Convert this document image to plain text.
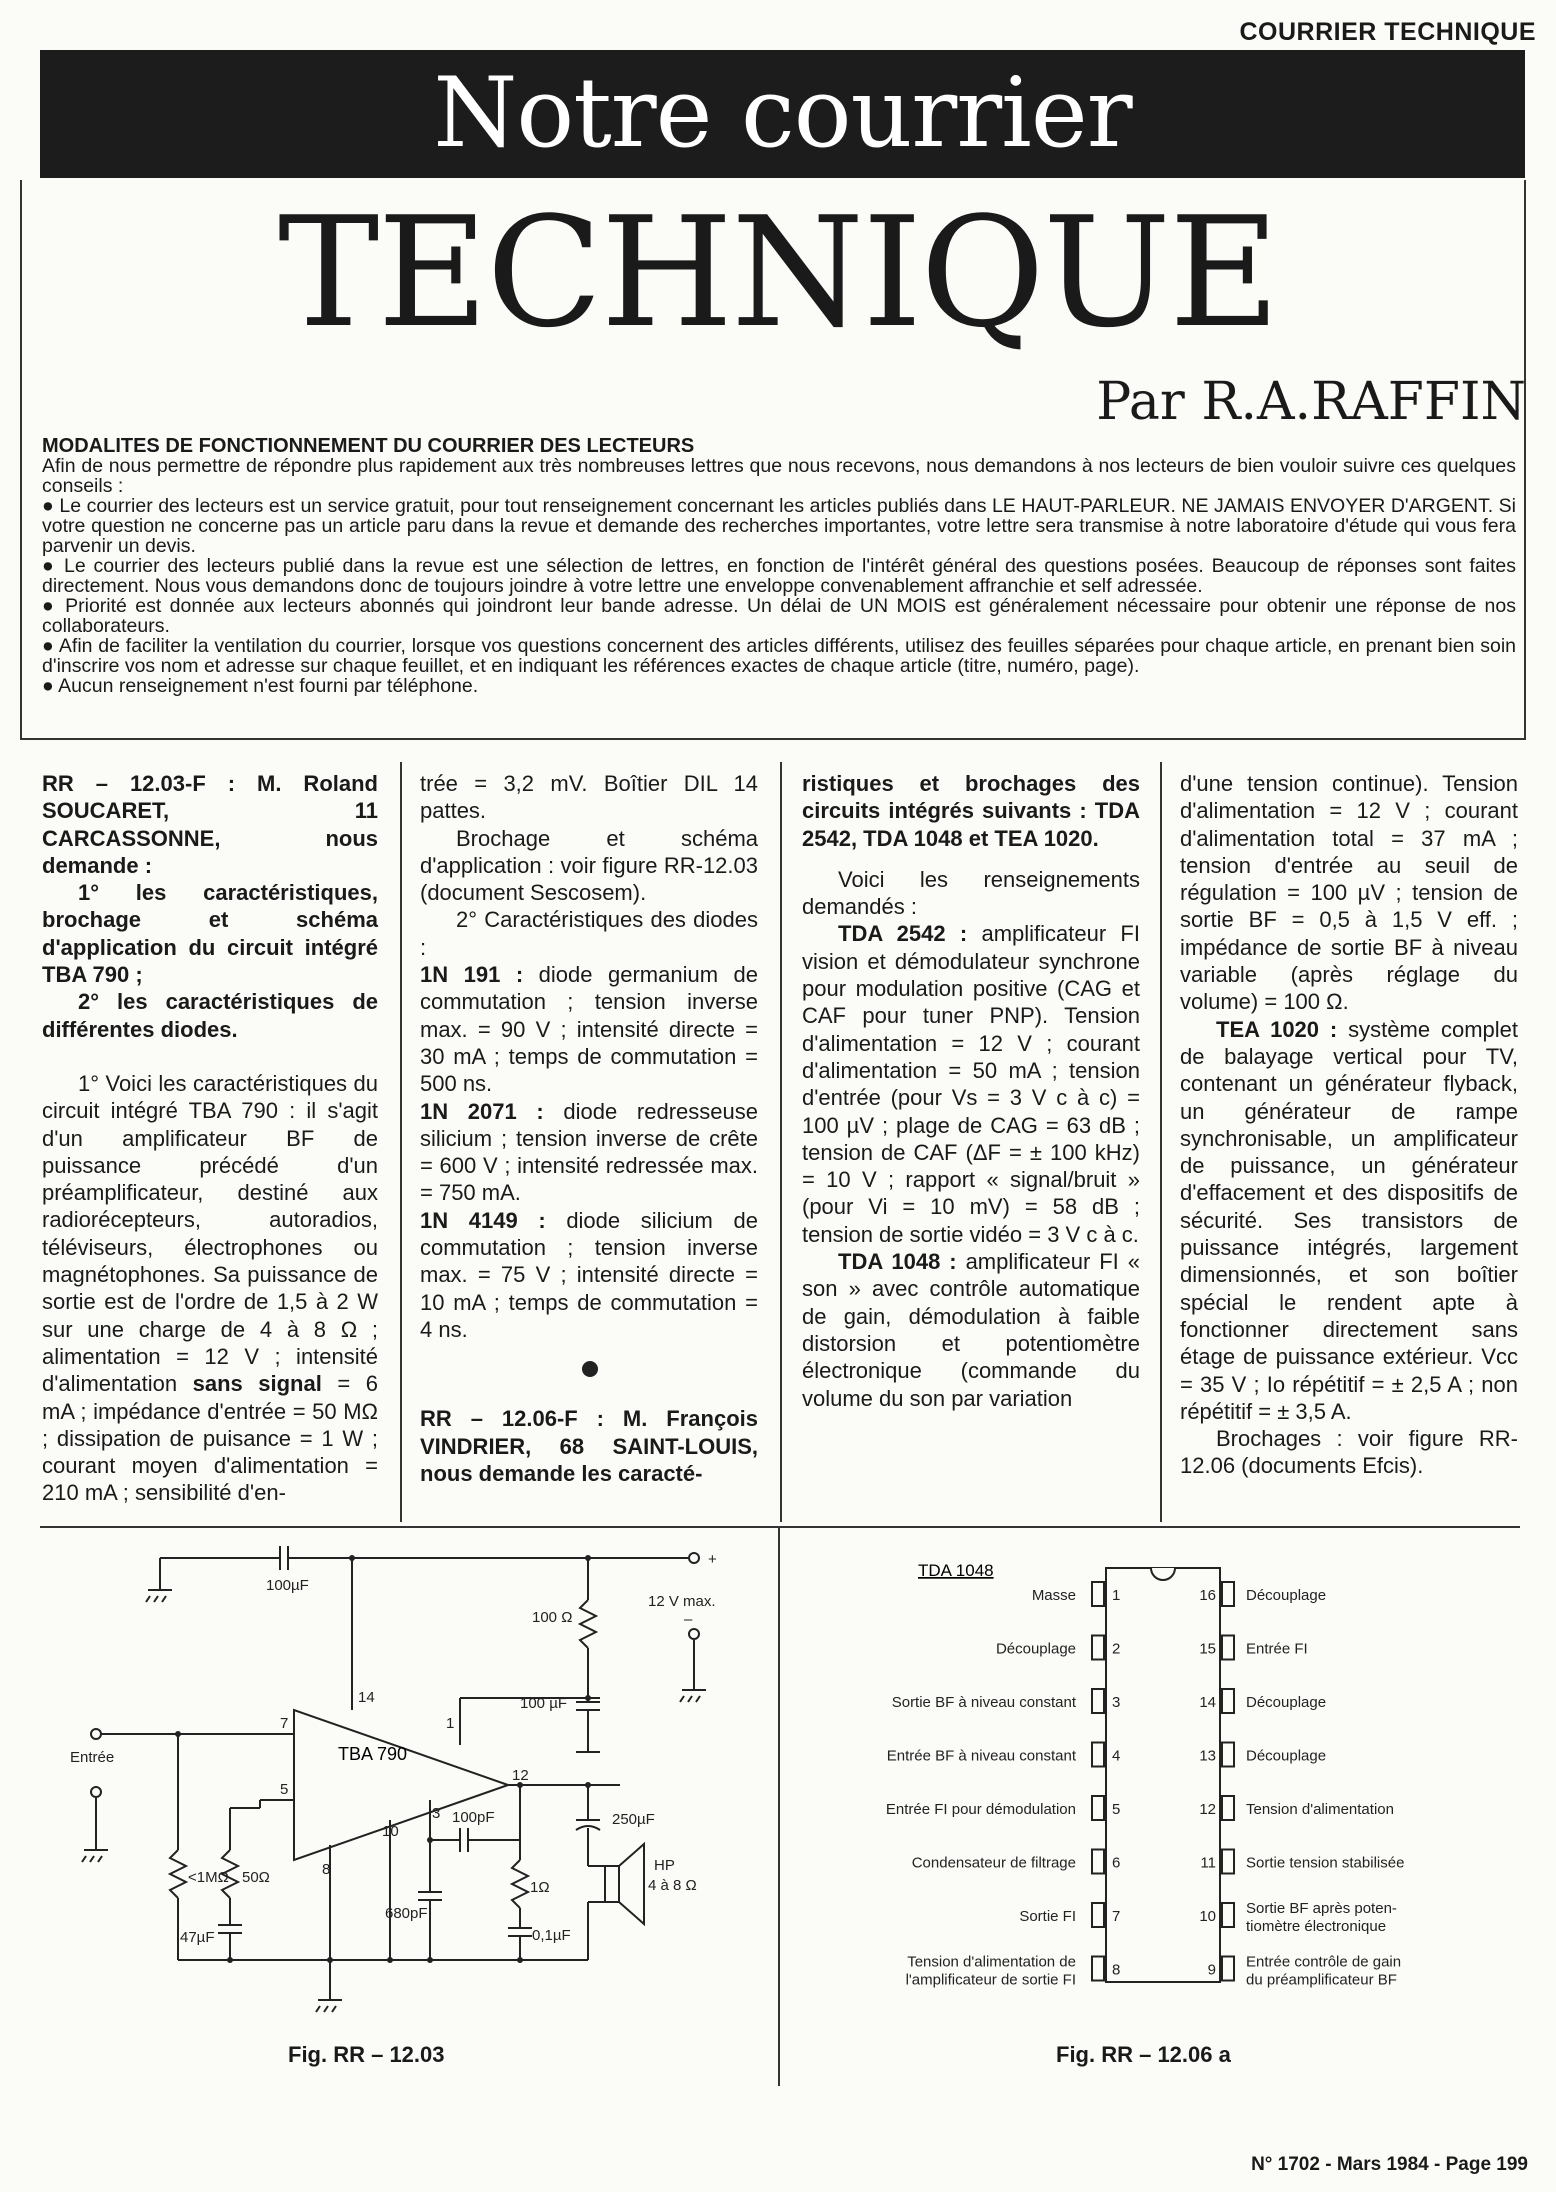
COURRIER TECHNIQUE
Notre courrier
TECHNIQUE
Par R.A.RAFFIN

MODALITES DE FONCTIONNEMENT DU COURRIER DES LECTEURS

Afin de nous permettre de répondre plus rapidement aux très nombreuses lettres que nous recevons, nous demandons à nos lecteurs de bien vouloir suivre ces quelques conseils :

● Le courrier des lecteurs est un service gratuit, pour tout renseignement concernant les articles publiés dans LE HAUT-PARLEUR. NE JAMAIS ENVOYER D'ARGENT. Si votre question ne concerne pas un article paru dans la revue et demande des recherches importantes, votre lettre sera transmise à notre laboratoire d'étude qui vous fera parvenir un devis.

● Le courrier des lecteurs publié dans la revue est une sélection de lettres, en fonction de l'intérêt général des questions posées. Beaucoup de réponses sont faites directement. Nous vous demandons donc de toujours joindre à votre lettre une enveloppe convenablement affranchie et self adressée.

● Priorité est donnée aux lecteurs abonnés qui joindront leur bande adresse. Un délai de UN MOIS est généralement nécessaire pour obtenir une réponse de nos collaborateurs.

● Afin de faciliter la ventilation du courrier, lorsque vos questions concernent des articles différents, utilisez des feuilles séparées pour chaque article, en prenant bien soin d'inscrire vos nom et adresse sur chaque feuillet, et en indiquant les références exactes de chaque article (titre, numéro, page).

● Aucun renseignement n'est fourni par téléphone.

RR – 12.03-F : M. Roland SOUCARET, 11 CARCASSONNE, nous demande :

1° les caractéristiques, brochage et schéma d'application du circuit intégré TBA 790 ;

2° les caractéristiques de différentes diodes.

1° Voici les caractéristiques du circuit intégré TBA 790 : il s'agit d'un amplificateur BF de puissance précédé d'un préamplificateur, destiné aux radiorécepteurs, autoradios, téléviseurs, électrophones ou magnétophones. Sa puissance de sortie est de l'ordre de 1,5 à 2 W sur une charge de 4 à 8 Ω ; alimentation = 12 V ; intensité d'alimentation sans signal = 6 mA ; impédance d'entrée = 50 MΩ ; dissipation de puisance = 1 W ; courant moyen d'alimentation = 210 mA ; sensibilité d'en-

trée = 3,2 mV. Boîtier DIL 14 pattes.

Brochage et schéma d'application : voir figure RR-12.03 (document Sescosem).

2° Caractéristiques des diodes :

1N 191 : diode germanium de commutation ; tension inverse max. = 90 V ; intensité directe = 30 mA ; temps de commutation = 500 ns.

1N 2071 : diode redresseuse silicium ; tension inverse de crête = 600 V ; intensité redressée max. = 750 mA.

1N 4149 : diode silicium de commutation ; tension inverse max. = 75 V ; intensité directe = 10 mA ; temps de commutation = 4 ns.

RR – 12.06-F : M. François VINDRIER, 68 SAINT-LOUIS, nous demande les caracté-

ristiques et brochages des circuits intégrés suivants : TDA 2542, TDA 1048 et TEA 1020.

Voici les renseignements demandés :

TDA 2542 : amplificateur FI vision et démodulateur synchrone pour modulation positive (CAG et CAF pour tuner PNP). Tension d'alimentation = 12 V ; courant d'alimentation = 50 mA ; tension d'entrée (pour Vs = 3 V c à c) = 100 µV ; plage de CAG = 63 dB ; tension de CAF (ΔF = ± 100 kHz) = 10 V ; rapport « signal/bruit » (pour Vi = 10 mV) = 58 dB ; tension de sortie vidéo = 3 V c à c.

TDA 1048 : amplificateur FI « son » avec contrôle automatique de gain, démodulation à faible distorsion et potentiomètre électronique (commande du volume du son par variation

d'une tension continue). Tension d'alimentation = 12 V ; courant d'alimentation total = 37 mA ; tension d'entrée au seuil de régulation = 100 µV ; tension de sortie BF = 0,5 à 1,5 V eff. ; impédance de sortie BF à niveau variable (après réglage du volume) = 100 Ω.

TEA 1020 : système complet de balayage vertical pour TV, contenant un générateur flyback, un générateur de rampe synchronisable, un amplificateur de puissance, un générateur d'effacement et des dispositifs de sécurité. Ses transistors de puissance intégrés, largement dimensionnés, et son boîtier spécial le rendent apte à fonctionner directement sans étage de puissance extérieur. Vcc = 35 V ; Io répétitif = ± 2,5 A ; non répétitif = ± 3,5 A.

Brochages : voir figure RR-12.06 (documents Efcis).

TBA 790
100µF
100 Ω
12 V max.
+
–
100 µF
Entrée
250µF
100pF
HP
4 à 8 Ω
<1MΩ 50Ω
1Ω
680pF
0,1µF
47µF
14
1
12
7
5
3
10
8
Fig. RR – 12.03
TDA 1048
1
Masse
2
Découplage
3
Sortie BF à niveau constant
4
Entrée BF à niveau constant
5
Entrée FI pour démodulation
6
Condensateur de filtrage
7
Sortie FI
8
Tension d'alimentation de
l'amplificateur de sortie FI
16 Découplage
15 Entrée FI
14 Découplage
13 Découplage
12 Tension d'alimentation
11 Sortie tension stabilisée
10 Sortie BF après poten-
tiomètre électronique
9 Entrée contrôle de gain
du préamplificateur BF
Fig. RR – 12.06 a
N° 1702 - Mars 1984 - Page 199
